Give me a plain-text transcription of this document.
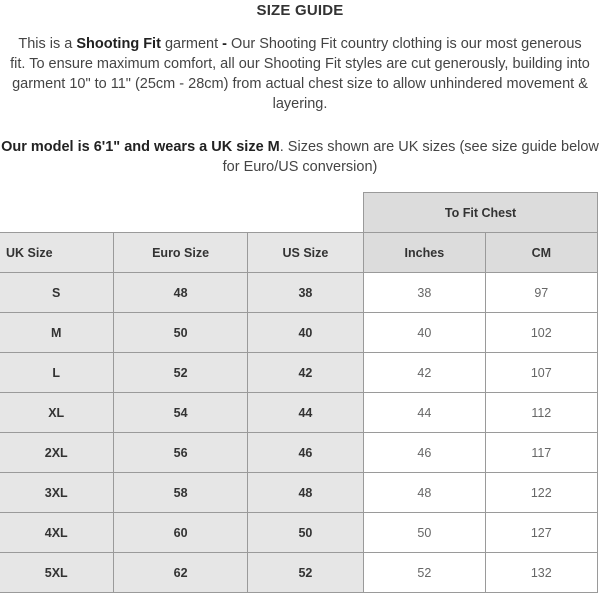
SIZE GUIDE
This is a Shooting Fit garment - Our Shooting Fit country clothing is our most generous
fit. To ensure maximum comfort, all our Shooting Fit styles are cut generously, building into
garment 10" to 11" (25cm - 28cm) from actual chest size to allow unhindered movement &
layering.
Our model is 6'1" and wears a UK size M. Sizes shown are UK sizes (see size guide below
for Euro/US conversion)
			To Fit Chest	
UK Size	Euro Size	US Size	Inches	CM
S	48	38	38	97
M	50	40	40	102
L	52	42	42	107
XL	54	44	44	112
2XL	56	46	46	117
3XL	58	48	48	122
4XL	60	50	50	127
5XL	62	52	52	132
